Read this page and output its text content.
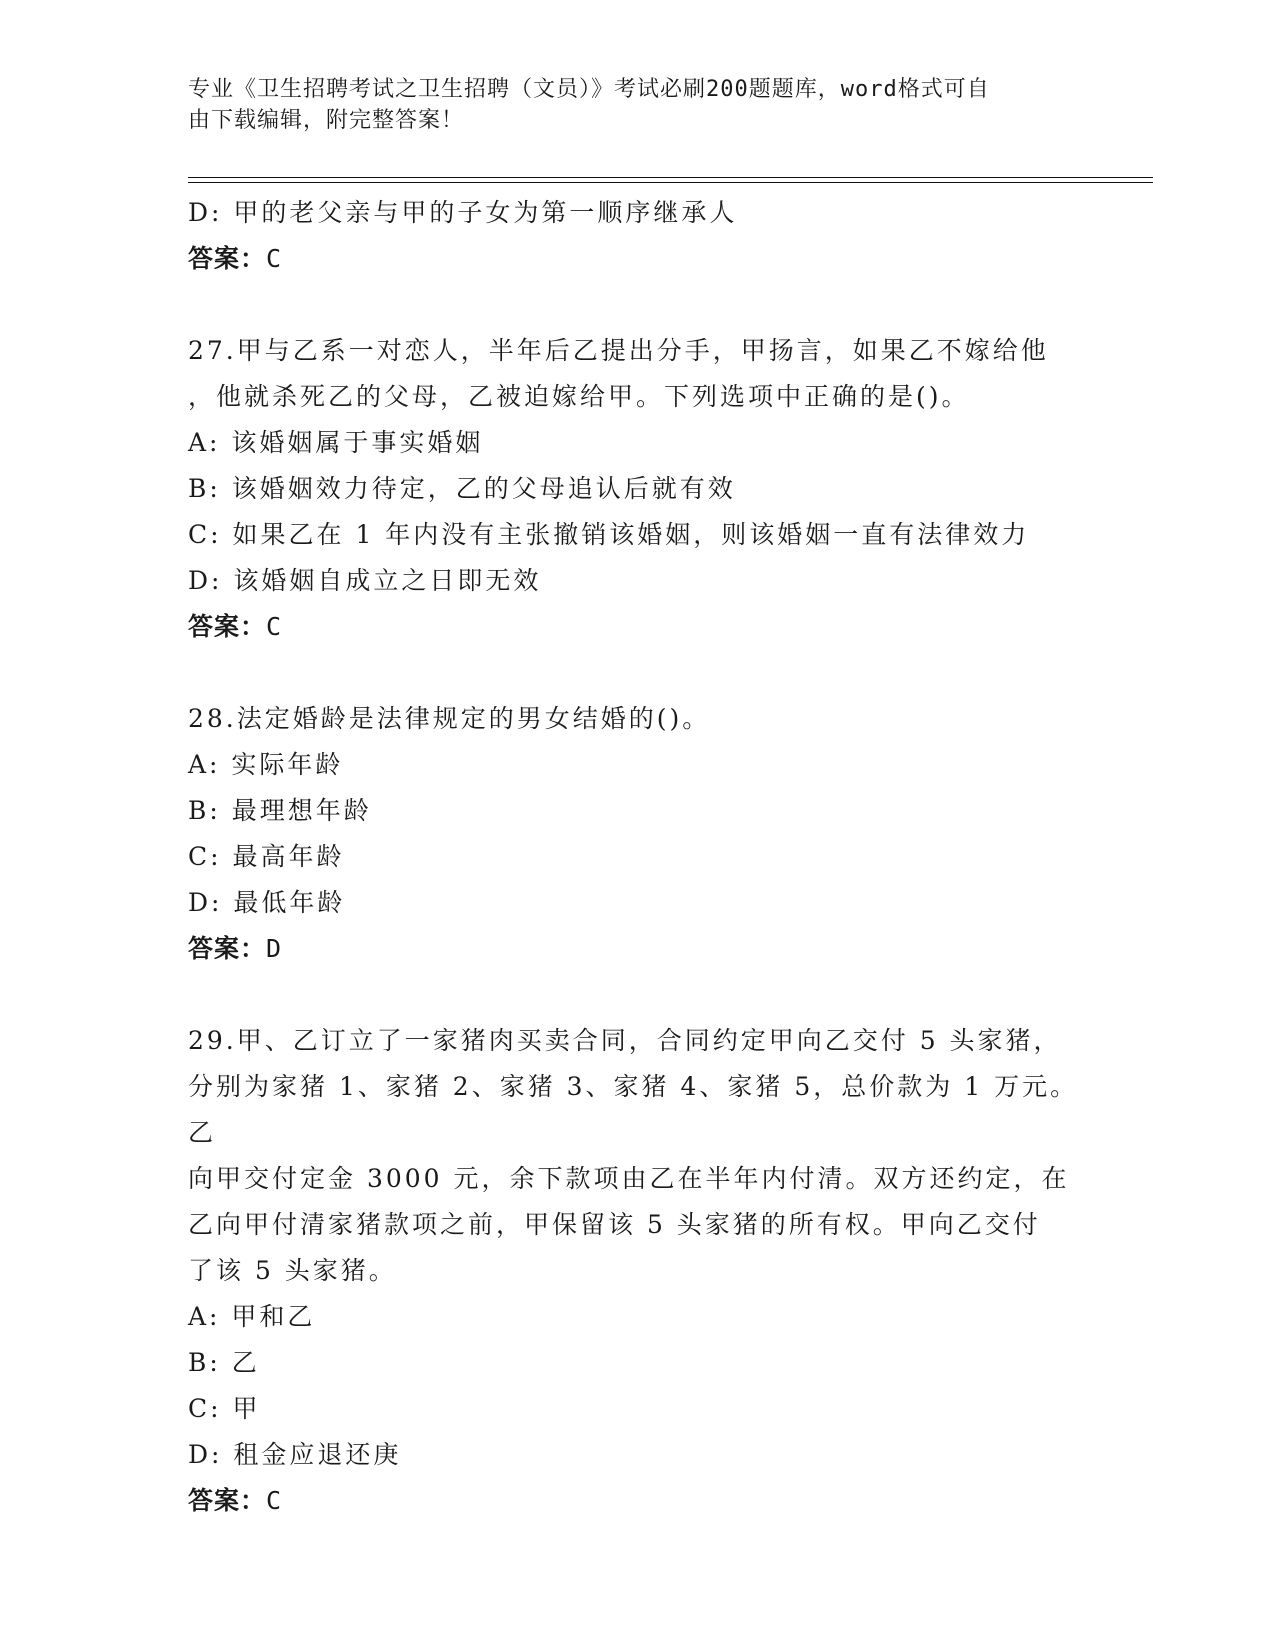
专业《卫生招聘考试之卫生招聘（文员）》考试必刷200题题库，word格式可自
由下载编辑，附完整答案！
D: 甲的老父亲与甲的子女为第一顺序继承人
答案：C
27.甲与乙系一对恋人，半年后乙提出分手，甲扬言，如果乙不嫁给他
，他就杀死乙的父母，乙被迫嫁给甲。下列选项中正确的是()。
A: 该婚姻属于事实婚姻
B: 该婚姻效力待定，乙的父母追认后就有效
C: 如果乙在 1 年内没有主张撤销该婚姻，则该婚姻一直有法律效力
D: 该婚姻自成立之日即无效
答案：C
28.法定婚龄是法律规定的男女结婚的()。
A: 实际年龄
B: 最理想年龄
C: 最高年龄
D: 最低年龄
答案：D
29.甲、乙订立了一家猪肉买卖合同，合同约定甲向乙交付 5 头家猪，
分别为家猪 1、家猪 2、家猪 3、家猪 4、家猪 5，总价款为 1 万元。乙
向甲交付定金 3000 元，余下款项由乙在半年内付清。双方还约定，在
乙向甲付清家猪款项之前，甲保留该 5 头家猪的所有权。甲向乙交付
了该 5 头家猪。
A: 甲和乙
B: 乙
C: 甲
D: 租金应退还庚
答案：C
